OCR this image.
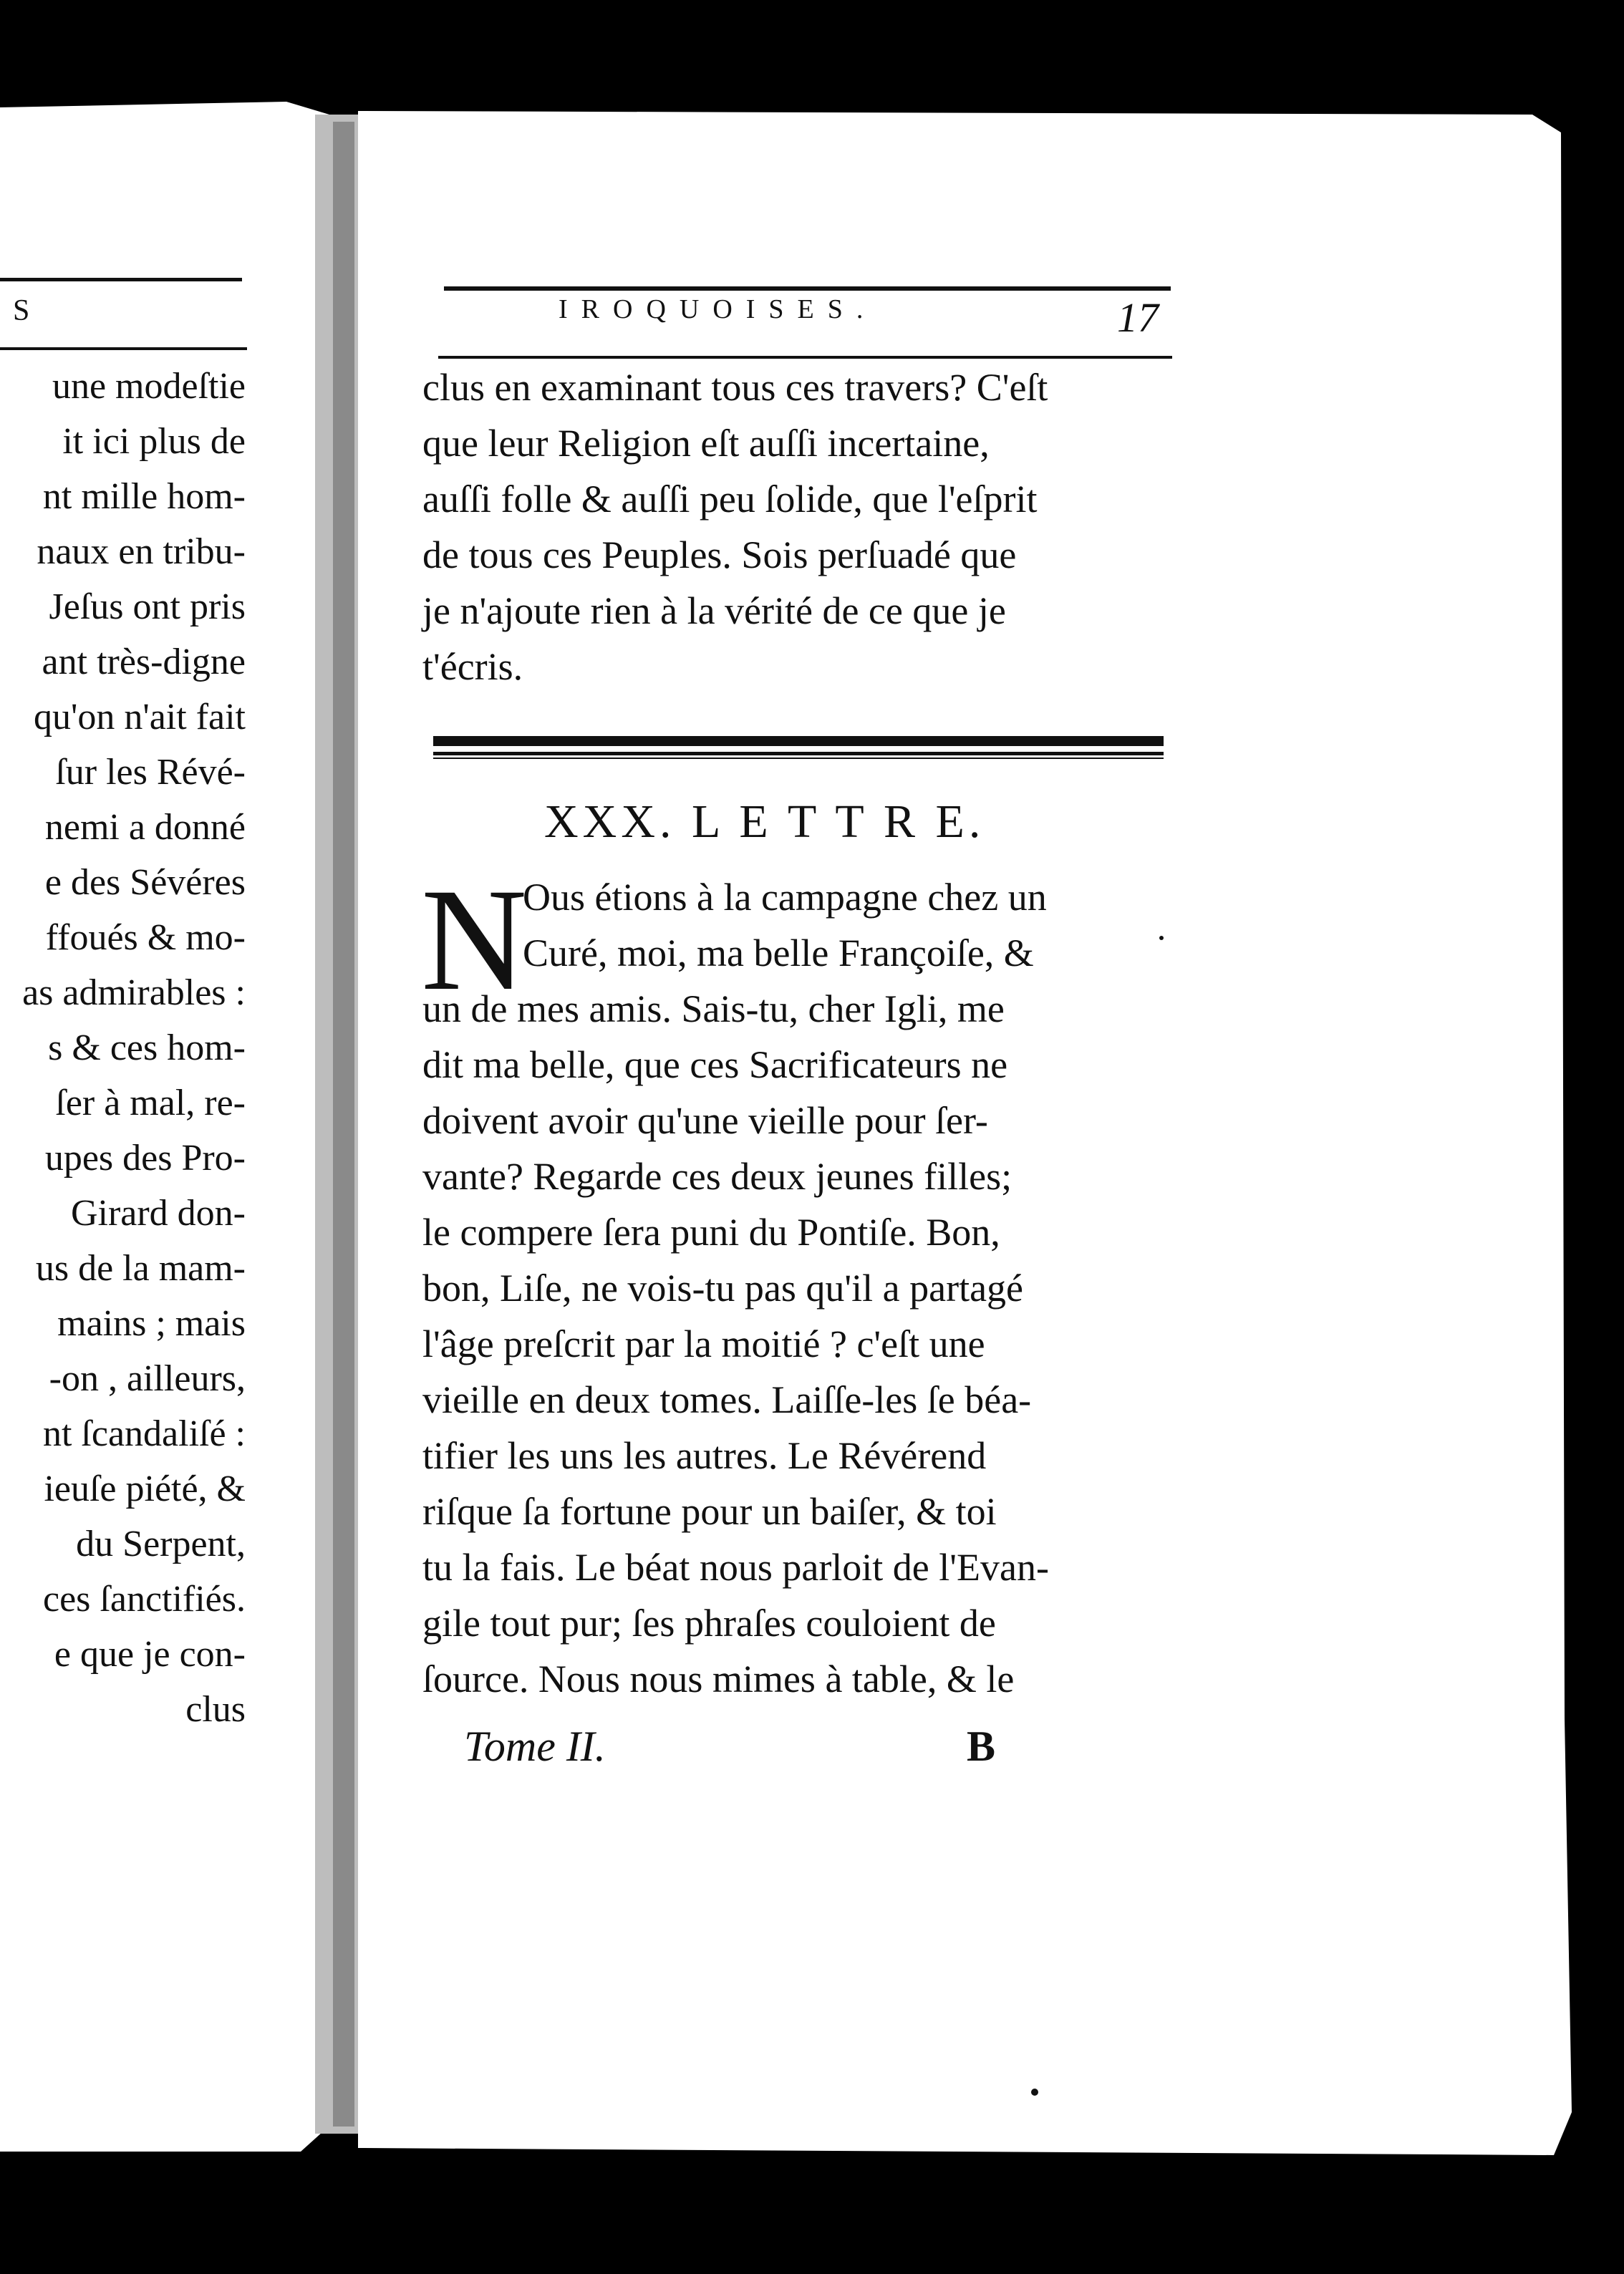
S
une modeſtie
it ici plus de
nt mille hom-
naux en tribu-
Jeſus ont pris
ant très-digne
qu'on n'ait fait
ſur les Révé-
nemi a donné
e des Sévéres
ffoués & mo-
as admirables :
s & ces hom-
ſer à mal, re-
upes des Pro-
Girard don-
us de la mam-
mains ; mais
-on , ailleurs,
nt ſcandaliſé :
ieuſe piété, &
du Serpent,
ces ſanctifiés.
e que je con-
clus
IROQUOISES.	17
clus en examinant tous ces travers? C'eſt
que leur Religion eſt auſſi incertaine,
auſſi folle & auſſi peu ſolide, que l'eſprit
de tous ces Peuples. Sois perſuadé que
je n'ajoute rien à la vérité de ce que je
t'écris.
XXX. L E T T R E.
N
Ous étions à la campagne chez un
Curé, moi, ma belle Françoiſe, &
un de mes amis. Sais-tu, cher Igli, me
dit ma belle, que ces Sacrificateurs ne
doivent avoir qu'une vieille pour ſer-
vante? Regarde ces deux jeunes filles;
le compere ſera puni du Pontiſe. Bon,
bon, Liſe, ne vois-tu pas qu'il a partagé
l'âge preſcrit par la moitié ? c'eſt une
vieille en deux tomes. Laiſſe-les ſe béa-
tifier les uns les autres. Le Révérend
riſque ſa fortune pour un baiſer, & toi
tu la fais. Le béat nous parloit de l'Evan-
gile tout pur; ſes phraſes couloient de
ſource. Nous nous mimes à table, & le
Tome II.	B
